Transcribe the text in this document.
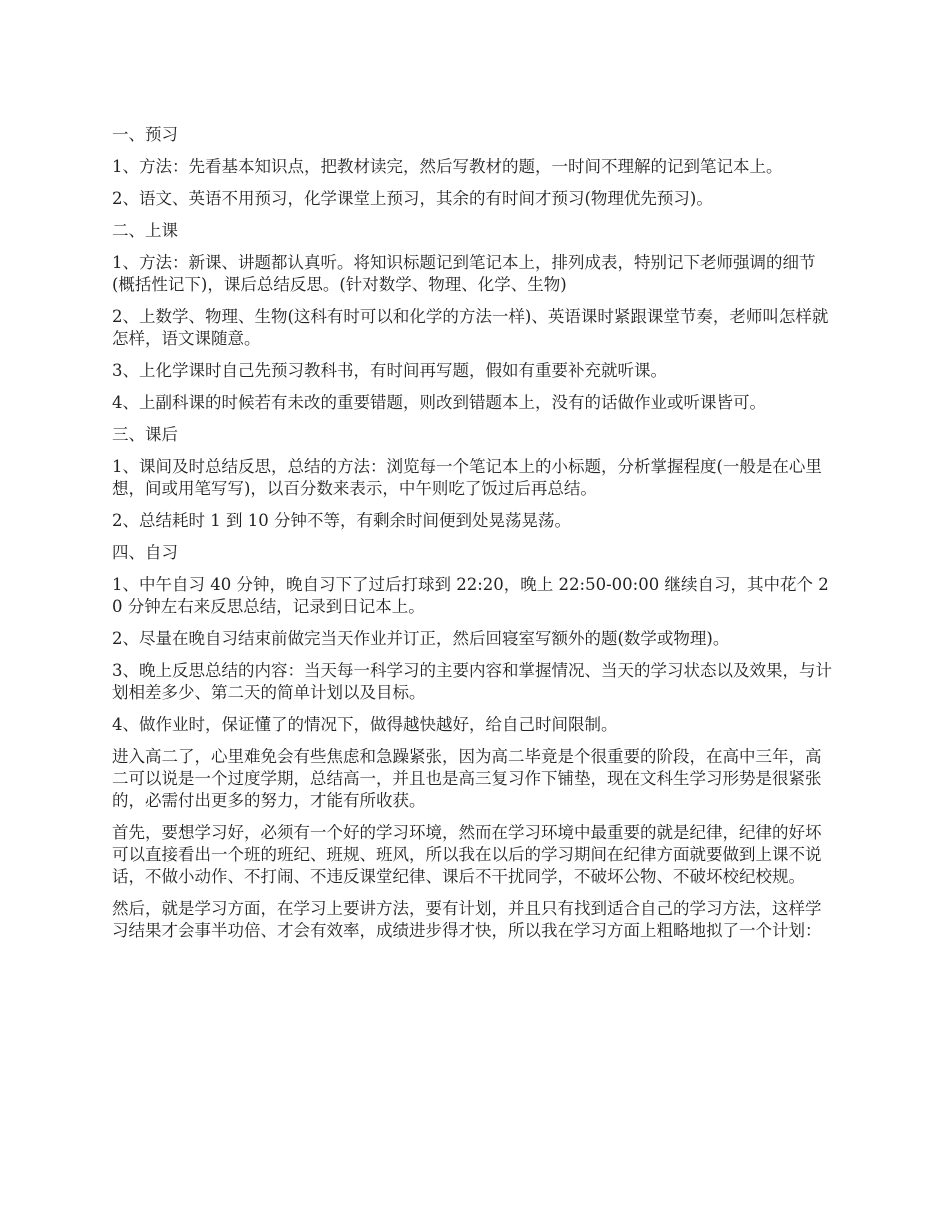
一、预习

1、方法：先看基本知识点，把教材读完，然后写教材的题，一时间不理解的记到笔记本上。

2、语文、英语不用预习，化学课堂上预习，其余的有时间才预习(物理优先预习)。

二、上课

1、方法：新课、讲题都认真听。将知识标题记到笔记本上，排列成表，特别记下老师强调的细节(概括性记下)，课后总结反思。(针对数学、物理、化学、生物)

2、上数学、物理、生物(这科有时可以和化学的方法一样)、英语课时紧跟课堂节奏，老师叫怎样就怎样，语文课随意。

3、上化学课时自己先预习教科书，有时间再写题，假如有重要补充就听课。

4、上副科课的时候若有未改的重要错题，则改到错题本上，没有的话做作业或听课皆可。

三、课后

1、课间及时总结反思，总结的方法：浏览每一个笔记本上的小标题，分析掌握程度(一般是在心里想，间或用笔写写)，以百分数来表示，中午则吃了饭过后再总结。

2、总结耗时 1 到 10 分钟不等，有剩余时间便到处晃荡晃荡。

四、自习

1、中午自习 40 分钟，晚自习下了过后打球到 22:20，晚上 22:50-00:00 继续自习，其中花个 20 分钟左右来反思总结，记录到日记本上。

2、尽量在晚自习结束前做完当天作业并订正，然后回寝室写额外的题(数学或物理)。

3、晚上反思总结的内容：当天每一科学习的主要内容和掌握情况、当天的学习状态以及效果，与计划相差多少、第二天的简单计划以及目标。

4、做作业时，保证懂了的情况下，做得越快越好，给自己时间限制。

进入高二了，心里难免会有些焦虑和急躁紧张，因为高二毕竟是个很重要的阶段，在高中三年，高二可以说是一个过度学期，总结高一，并且也是高三复习作下铺垫，现在文科生学习形势是很紧张的，必需付出更多的努力，才能有所收获。

首先，要想学习好，必须有一个好的学习环境，然而在学习环境中最重要的就是纪律，纪律的好坏可以直接看出一个班的班纪、班规、班风，所以我在以后的学习期间在纪律方面就要做到上课不说话，不做小动作、不打闹、不违反课堂纪律、课后不干扰同学，不破坏公物、不破坏校纪校规。

然后，就是学习方面，在学习上要讲方法，要有计划，并且只有找到适合自己的学习方法，这样学习结果才会事半功倍、才会有效率，成绩进步得才快，所以我在学习方面上粗略地拟了一个计划：
